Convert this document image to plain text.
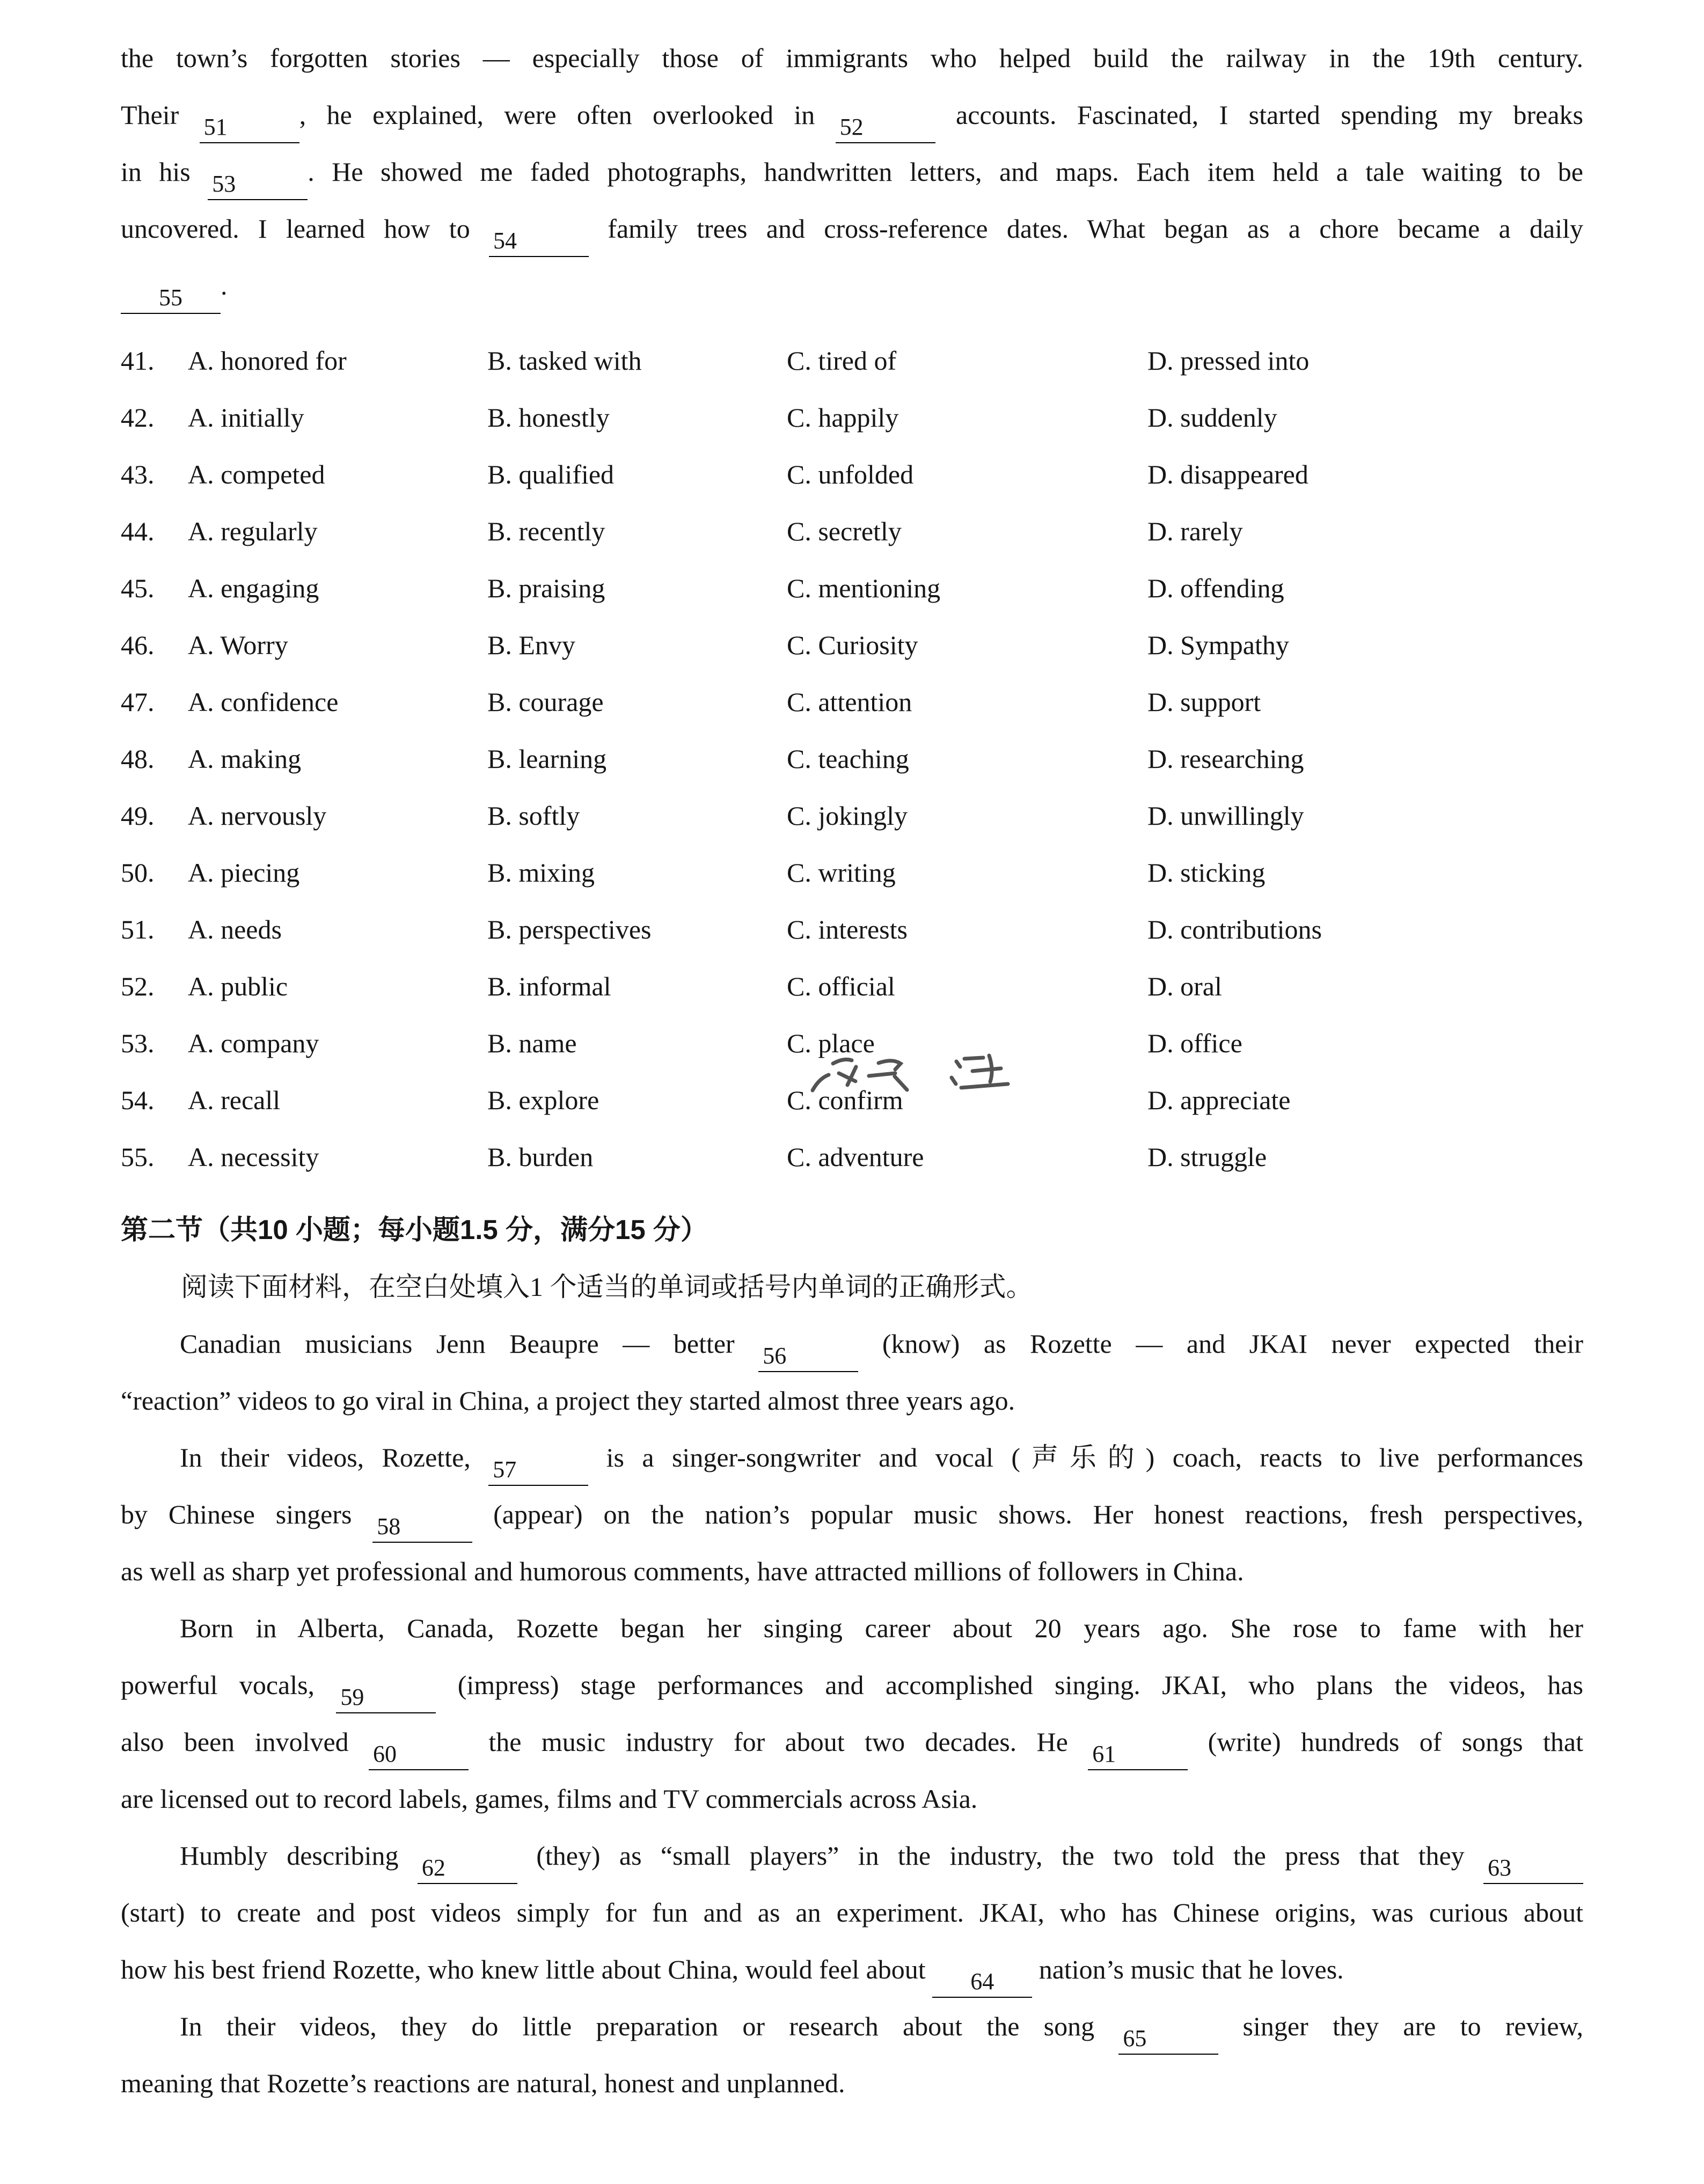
the town’s forgotten stories — especially those of immigrants who helped build the railway in the 19th century.
Their 51	, he explained, were often overlooked in 52	accounts. Fascinated, I started spending my breaks
in his 53	. He showed me faded photographs, handwritten letters, and maps. Each item held a tale waiting to be
uncovered. I learned how to 54	family trees and cross-reference dates. What began as a chore became a daily
55 .
41.	A. honored for	B. tasked with	C. tired of	D. pressed into
42.	A. initially	B. honestly	C. happily	D. suddenly
43.	A. competed	B. qualified	C. unfolded	D. disappeared
44.	A. regularly	B. recently	C. secretly	D. rarely
45.	A. engaging	B. praising	C. mentioning	D. offending
46.	A. Worry	B. Envy	C. Curiosity	D. Sympathy
47.	A. confidence	B. courage	C. attention	D. support
48.	A. making	B. learning	C. teaching	D. researching
49.	A. nervously	B. softly	C. jokingly	D. unwillingly
50.	A. piecing	B. mixing	C. writing	D. sticking
51.	A. needs	B. perspectives	C. interests	D. contributions
52.	A. public	B. informal	C. official	D. oral
53.	A. company	B. name	C. place	D. office
54.	A. recall	B. explore	C. confirm	D. appreciate
55.	A. necessity	B. burden	C. adventure	D. struggle
第二节（共10 小题；每小题1.5 分，满分15 分）
阅读下面材料，在空白处填入1 个适当的单词或括号内单词的正确形式。
Canadian musicians Jenn Beaupre — better 56	(know) as Rozette — and JKAI never expected their
“reaction” videos to go viral in China, a project they started almost three years ago.
In their videos, Rozette, 57	is a singer-songwriter and vocal (声乐的) coach, reacts to live performances
by Chinese singers 58	(appear) on the nation’s popular music shows. Her honest reactions, fresh perspectives,
as well as sharp yet professional and humorous comments, have attracted millions of followers in China.
Born in Alberta, Canada, Rozette began her singing career about 20 years ago. She rose to fame with her
powerful vocals, 59	(impress) stage performances and accomplished singing. JKAI, who plans the videos, has
also been involved 60	the music industry for about two decades. He 61	(write) hundreds of songs that
are licensed out to record labels, games, films and TV commercials across Asia.
Humbly describing 62	(they) as “small players” in the industry, the two told the press that they 63
(start) to create and post videos simply for fun and as an experiment. JKAI, who has Chinese origins, was curious about
how his best friend Rozette, who knew little about China, would feel about 64 nation’s music that he loves.
In their videos, they do little preparation or research about the song 65	singer they are to review,
meaning that Rozette’s reactions are natural, honest and unplanned.
